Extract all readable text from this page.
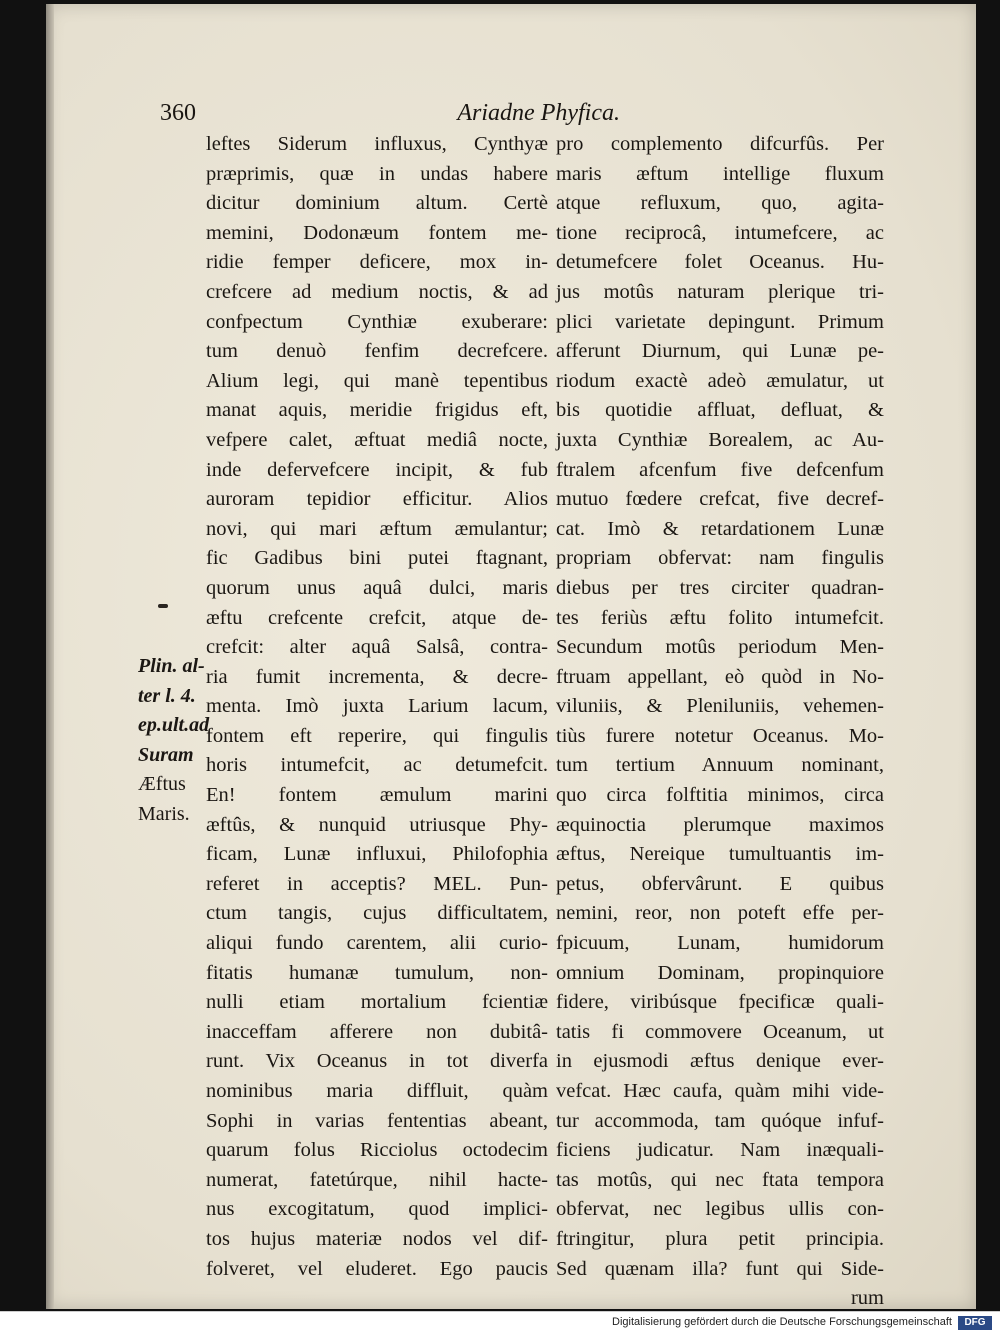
360	Ariadne Phyfica.
Plin. al-
ter l. 4.
ep.ult.ad
Suram
Æftus
Maris.
leftes Siderum influxus, Cynthyæ
præprimis, quæ in undas habere
dicitur dominium altum. Certè
memini, Dodonæum fontem me-
ridie femper deficere, mox in-
crefcere ad medium noctis, & ad
confpectum Cynthiæ exuberare:
tum denuò fenfim decrefcere.
Alium legi, qui manè tepentibus
manat aquis, meridie frigidus eft,
vefpere calet, æftuat mediâ nocte,
inde defervefcere incipit, & fub
auroram tepidior efficitur. Alios
novi, qui mari æftum æmulantur;
fic Gadibus bini putei ftagnant,
quorum unus aquâ dulci, maris
æftu crefcente crefcit, atque de-
crefcit: alter aquâ Salsâ, contra-
ria fumit incrementa, & decre-
menta. Imò juxta Larium lacum,
fontem eft reperire, qui fingulis
horis intumefcit, ac detumefcit.
En! fontem æmulum marini
æftûs, & nunquid utriusque Phy-
ficam, Lunæ influxui, Philofophia
referet in acceptis? MEL. Pun-
ctum tangis, cujus difficultatem,
aliqui fundo carentem, alii curio-
fitatis humanæ tumulum, non-
nulli etiam mortalium fcientiæ
inacceffam afferere non dubitâ-
runt. Vix Oceanus in tot diverfa
nominibus maria diffluit, quàm
Sophi in varias fententias abeant,
quarum folus Ricciolus octodecim
numerat, fatetúrque, nihil hacte-
nus excogitatum, quod implici-
tos hujus materiæ nodos vel dif-
folveret, vel eluderet. Ego paucis
pro complemento difcurfûs. Per
maris æftum intellige fluxum
atque refluxum, quo, agita-
tione reciprocâ, intumefcere, ac
detumefcere folet Oceanus. Hu-
jus motûs naturam plerique tri-
plici varietate depingunt. Primum
afferunt Diurnum, qui Lunæ pe-
riodum exactè adeò æmulatur, ut
bis quotidie affluat, defluat, &
juxta Cynthiæ Borealem, ac Au-
ftralem afcenfum five defcenfum
mutuo fœdere crefcat, five decref-
cat. Imò & retardationem Lunæ
propriam obfervat: nam fingulis
diebus per tres circiter quadran-
tes feriùs æftu folito intumefcit.
Secundum motûs periodum Men-
ftruam appellant, eò quòd in No-
viluniis, & Pleniluniis, vehemen-
tiùs furere notetur Oceanus. Mo-
tum tertium Annuum nominant,
quo circa folftitia minimos, circa
æquinoctia plerumque maximos
æftus, Nereique tumultuantis im-
petus, obfervârunt. E quibus
nemini, reor, non poteft effe per-
fpicuum, Lunam, humidorum
omnium Dominam, propinquiore
fidere, viribúsque fpecificæ quali-
tatis fi commovere Oceanum, ut
in ejusmodi æftus denique ever-
vefcat. Hæc caufa, quàm mihi vide-
tur accommoda, tam quóque infuf-
ficiens judicatur. Nam inæquali-
tas motûs, qui nec ftata tempora
obfervat, nec legibus ullis con-
ftringitur, plura petit principia.
Sed quænam illa? funt qui Side-
rum
Digitalisierung gefördert durch die Deutsche Forschungsgemeinschaft	DFG
